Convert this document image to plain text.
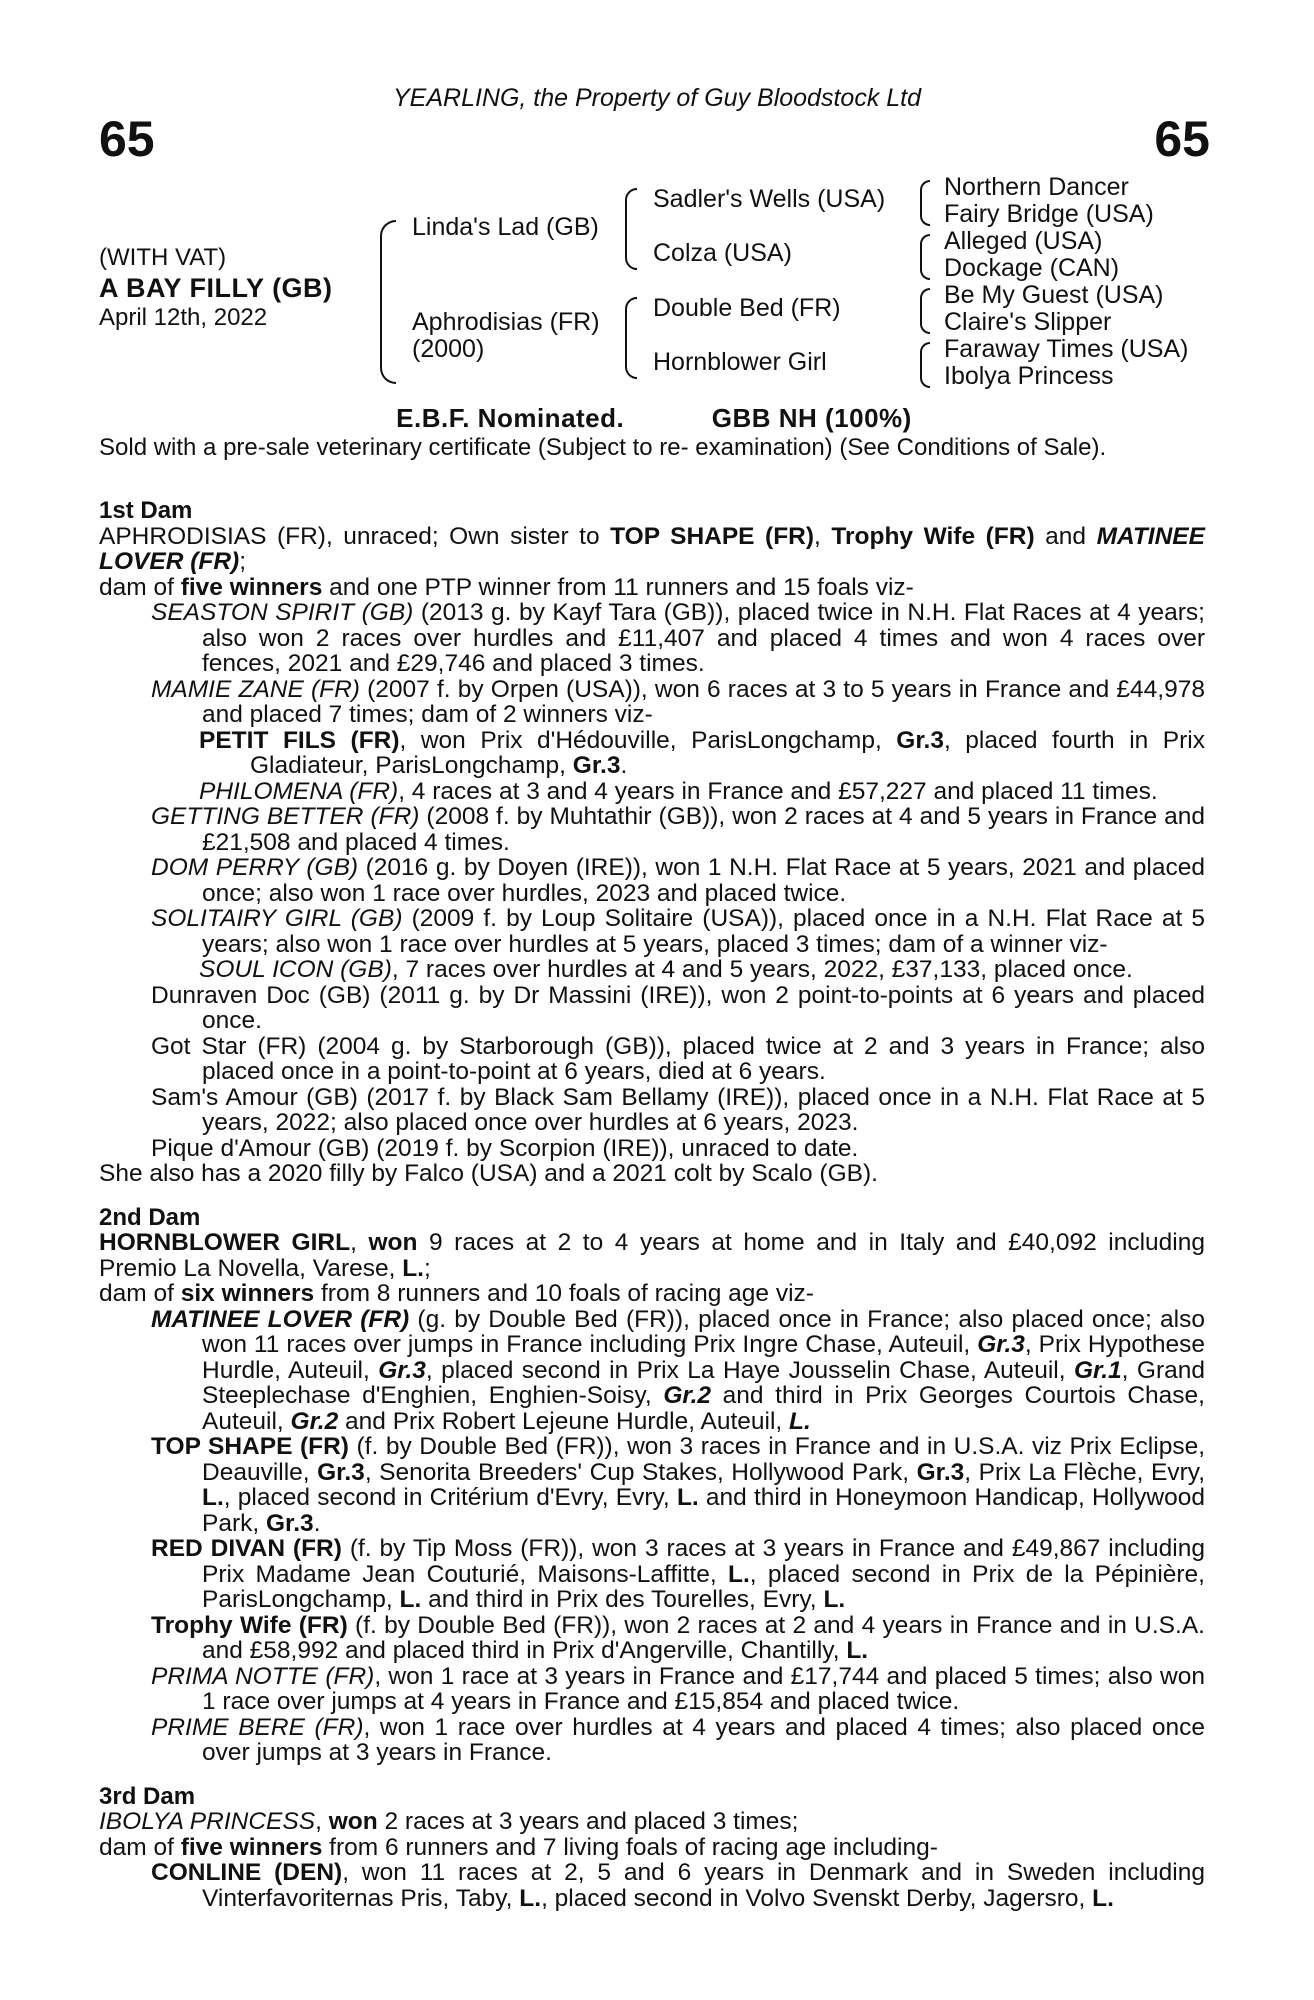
YEARLING, the Property of Guy Bloodstock Ltd
65	65
(WITH VAT)
A BAY FILLY (GB)
April 12th, 2022
Linda's Lad (GB)
Aphrodisias (FR)
(2000)
Sadler's Wells (USA)
Colza (USA)
Double Bed (FR)
Hornblower Girl
Northern Dancer
Fairy Bridge (USA)
Alleged (USA)
Dockage (CAN)
Be My Guest (USA)
Claire's Slipper
Faraway Times (USA)
Ibolya Princess
E.B.F. Nominated.	GBB NH (100%)
Sold with a pre-sale veterinary certificate (Subject to re- examination) (See Conditions of Sale).
1st Dam
APHRODISIAS (FR), unraced; Own sister to TOP SHAPE (FR), Trophy Wife (FR) and MATINEE LOVER (FR);
dam of five winners and one PTP winner from 11 runners and 15 foals viz-
SEASTON SPIRIT (GB) (2013 g. by Kayf Tara (GB)), placed twice in N.H. Flat Races at 4 years; also won 2 races over hurdles and £11,407 and placed 4 times and won 4 races over fences, 2021 and £29,746 and placed 3 times.
MAMIE ZANE (FR) (2007 f. by Orpen (USA)), won 6 races at 3 to 5 years in France and £44,978 and placed 7 times; dam of 2 winners viz-
PETIT FILS (FR), won Prix d'Hédouville, ParisLongchamp, Gr.3, placed fourth in Prix Gladiateur, ParisLongchamp, Gr.3.
PHILOMENA (FR), 4 races at 3 and 4 years in France and £57,227 and placed 11 times.
GETTING BETTER (FR) (2008 f. by Muhtathir (GB)), won 2 races at 4 and 5 years in France and £21,508 and placed 4 times.
DOM PERRY (GB) (2016 g. by Doyen (IRE)), won 1 N.H. Flat Race at 5 years, 2021 and placed once; also won 1 race over hurdles, 2023 and placed twice.
SOLITAIRY GIRL (GB) (2009 f. by Loup Solitaire (USA)), placed once in a N.H. Flat Race at 5 years; also won 1 race over hurdles at 5 years, placed 3 times; dam of a winner viz-
SOUL ICON (GB), 7 races over hurdles at 4 and 5 years, 2022, £37,133, placed once.
Dunraven Doc (GB) (2011 g. by Dr Massini (IRE)), won 2 point-to-points at 6 years and placed once.
Got Star (FR) (2004 g. by Starborough (GB)), placed twice at 2 and 3 years in France; also placed once in a point-to-point at 6 years, died at 6 years.
Sam's Amour (GB) (2017 f. by Black Sam Bellamy (IRE)), placed once in a N.H. Flat Race at 5 years, 2022; also placed once over hurdles at 6 years, 2023.
Pique d'Amour (GB) (2019 f. by Scorpion (IRE)), unraced to date.
She also has a 2020 filly by Falco (USA) and a 2021 colt by Scalo (GB).
2nd Dam
HORNBLOWER GIRL, won 9 races at 2 to 4 years at home and in Italy and £40,092 including Premio La Novella, Varese, L.;
dam of six winners from 8 runners and 10 foals of racing age viz-
MATINEE LOVER (FR) (g. by Double Bed (FR)), placed once in France; also placed once; also won 11 races over jumps in France including Prix Ingre Chase, Auteuil, Gr.3, Prix Hypothese Hurdle, Auteuil, Gr.3, placed second in Prix La Haye Jousselin Chase, Auteuil, Gr.1, Grand Steeplechase d'Enghien, Enghien-Soisy, Gr.2 and third in Prix Georges Courtois Chase, Auteuil, Gr.2 and Prix Robert Lejeune Hurdle, Auteuil, L.
TOP SHAPE (FR) (f. by Double Bed (FR)), won 3 races in France and in U.S.A. viz Prix Eclipse, Deauville, Gr.3, Senorita Breeders' Cup Stakes, Hollywood Park, Gr.3, Prix La Flèche, Evry, L., placed second in Critérium d'Evry, Evry, L. and third in Honeymoon Handicap, Hollywood Park, Gr.3.
RED DIVAN (FR) (f. by Tip Moss (FR)), won 3 races at 3 years in France and £49,867 including Prix Madame Jean Couturié, Maisons-Laffitte, L., placed second in Prix de la Pépinière, ParisLongchamp, L. and third in Prix des Tourelles, Evry, L.
Trophy Wife (FR) (f. by Double Bed (FR)), won 2 races at 2 and 4 years in France and in U.S.A. and £58,992 and placed third in Prix d'Angerville, Chantilly, L.
PRIMA NOTTE (FR), won 1 race at 3 years in France and £17,744 and placed 5 times; also won 1 race over jumps at 4 years in France and £15,854 and placed twice.
PRIME BERE (FR), won 1 race over hurdles at 4 years and placed 4 times; also placed once over jumps at 3 years in France.
3rd Dam
IBOLYA PRINCESS, won 2 races at 3 years and placed 3 times;
dam of five winners from 6 runners and 7 living foals of racing age including-
CONLINE (DEN), won 11 races at 2, 5 and 6 years in Denmark and in Sweden including Vinterfavoriternas Pris, Taby, L., placed second in Volvo Svenskt Derby, Jagersro, L.
